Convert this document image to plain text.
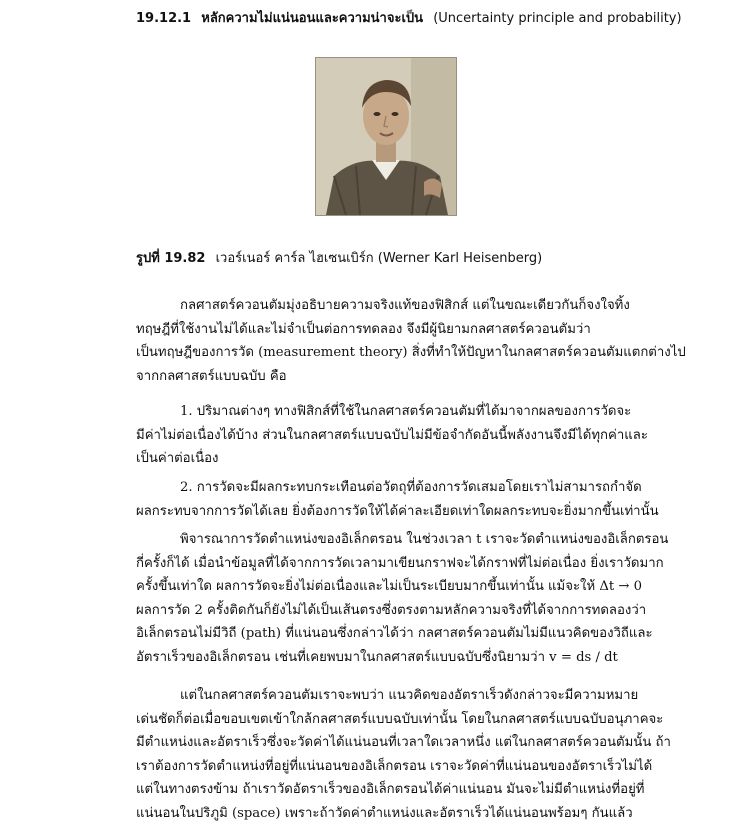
19.12.1 หลักความไม่แน่นอนและความน่าจะเป็น (Uncertainty principle and probability)
รูปที่ 19.82 เวอร์เนอร์ คาร์ล ไฮเซนเบิร์ก (Werner Karl Heisenberg)

กลศาสตร์ควอนตัมมุ่งอธิบายความจริงแท้ของฟิสิกส์ แต่ในขณะเดียวกันก็จงใจทิ้ง
ทฤษฎีที่ใช้งานไม่ได้และไม่จำเป็นต่อการทดลอง จึงมีผู้นิยามกลศาสตร์ควอนตัมว่า
เป็นทฤษฎีของการวัด (measurement theory) สิ่งที่ทำให้ปัญหาในกลศาสตร์ควอนตัมแตกต่างไป
จากกลศาสตร์แบบฉบับ คือ

1. ปริมาณต่างๆ ทางฟิสิกส์ที่ใช้ในกลศาสตร์ควอนตัมที่ได้มาจากผลของการวัดจะ
มีค่าไม่ต่อเนื่องได้บ้าง ส่วนในกลศาสตร์แบบฉบับไม่มีข้อจำกัดอันนี้พลังงานจึงมีได้ทุกค่าและ
เป็นค่าต่อเนื่อง

2. การวัดจะมีผลกระทบกระเทือนต่อวัตถุที่ต้องการวัดเสมอโดยเราไม่สามารถกำจัด
ผลกระทบจากการวัดได้เลย ยิ่งต้องการวัดให้ได้ค่าละเอียดเท่าใดผลกระทบจะยิ่งมากขึ้นเท่านั้น

พิจารณาการวัดตำแหน่งของอิเล็กตรอน ในช่วงเวลา t เราจะวัดตำแหน่งของอิเล็กตรอน
กี่ครั้งก็ได้ เมื่อนำข้อมูลที่ได้จากการวัดเวลามาเขียนกราฟจะได้กราฟที่ไม่ต่อเนื่อง ยิ่งเราวัดมาก
ครั้งขึ้นเท่าใด ผลการวัดจะยิ่งไม่ต่อเนื่องและไม่เป็นระเบียบมากขึ้นเท่านั้น แม้จะให้ Δt → 0
ผลการวัด 2 ครั้งติดกันก็ยังไม่ได้เป็นเส้นตรงซึ่งตรงตามหลักความจริงที่ได้จากการทดลองว่า
อิเล็กตรอนไม่มีวิถี (path) ที่แน่นอนซึ่งกล่าวได้ว่า กลศาสตร์ควอนตัมไม่มีแนวคิดของวิถีและ
อัตราเร็วของอิเล็กตรอน เช่นที่เคยพบมาในกลศาสตร์แบบฉบับซึ่งนิยามว่า v = ds / dt

แต่ในกลศาสตร์ควอนตัมเราจะพบว่า แนวคิดของอัตราเร็วดังกล่าวจะมีความหมาย
เด่นชัดก็ต่อเมื่อขอบเขตเข้าใกล้กลศาสตร์แบบฉบับเท่านั้น โดยในกลศาสตร์แบบฉบับอนุภาคจะ
มีตำแหน่งและอัตราเร็วซึ่งจะวัดค่าได้แน่นอนที่เวลาใดเวลาหนึ่ง แต่ในกลศาสตร์ควอนตัมนั้น ถ้า
เราต้องการวัดตำแหน่งที่อยู่ที่แน่นอนของอิเล็กตรอน เราจะวัดค่าที่แน่นอนของอัตราเร็วไม่ได้
แต่ในทางตรงข้าม ถ้าเราวัดอัตราเร็วของอิเล็กตรอนได้ค่าแน่นอน มันจะไม่มีตำแหน่งที่อยู่ที่
แน่นอนในปริภูมิ (space) เพราะถ้าวัดค่าตำแหน่งและอัตราเร็วได้แน่นอนพร้อมๆ กันแล้ว
